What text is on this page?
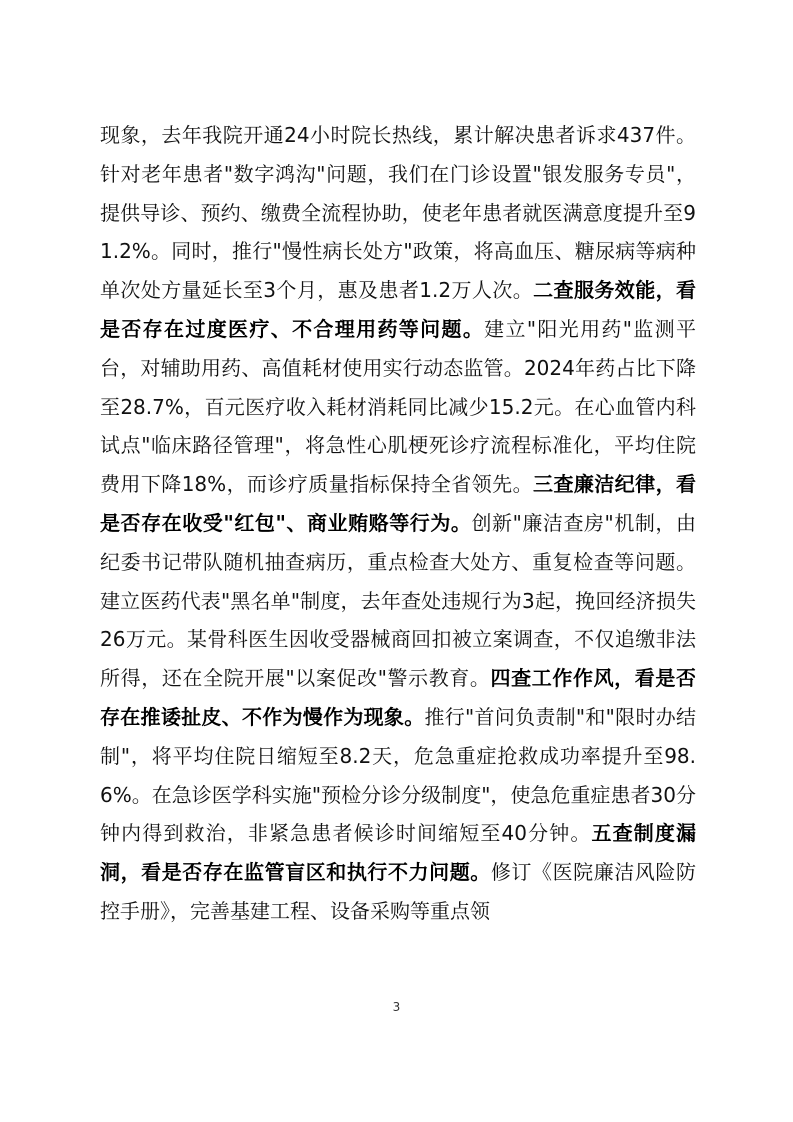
现象，去年我院开通24小时院长热线，累计解决患者诉求437件。针对老年患者"数字鸿沟"问题，我们在门诊设置"银发服务专员"，提供导诊、预约、缴费全流程协助，使老年患者就医满意度提升至91.2%。同时，推行"慢性病长处方"政策，将高血压、糖尿病等病种单次处方量延长至3个月，惠及患者1.2万人次。二查服务效能，看是否存在过度医疗、不合理用药等问题。建立"阳光用药"监测平台，对辅助用药、高值耗材使用实行动态监管。2024年药占比下降至28.7%，百元医疗收入耗材消耗同比减少15.2元。在心血管内科试点"临床路径管理"，将急性心肌梗死诊疗流程标准化，平均住院费用下降18%，而诊疗质量指标保持全省领先。三查廉洁纪律，看是否存在收受"红包"、商业贿赂等行为。创新"廉洁查房"机制，由纪委书记带队随机抽查病历，重点检查大处方、重复检查等问题。建立医药代表"黑名单"制度，去年查处违规行为3起，挽回经济损失26万元。某骨科医生因收受器械商回扣被立案调查，不仅追缴非法所得，还在全院开展"以案促改"警示教育。四查工作作风，看是否存在推诿扯皮、不作为慢作为现象。推行"首问负责制"和"限时办结制"，将平均住院日缩短至8.2天，危急重症抢救成功率提升至98.6%。在急诊医学科实施"预检分诊分级制度"，使急危重症患者30分钟内得到救治，非紧急患者候诊时间缩短至40分钟。五查制度漏洞，看是否存在监管盲区和执行不力问题。修订《医院廉洁风险防控手册》，完善基建工程、设备采购等重点领

3
